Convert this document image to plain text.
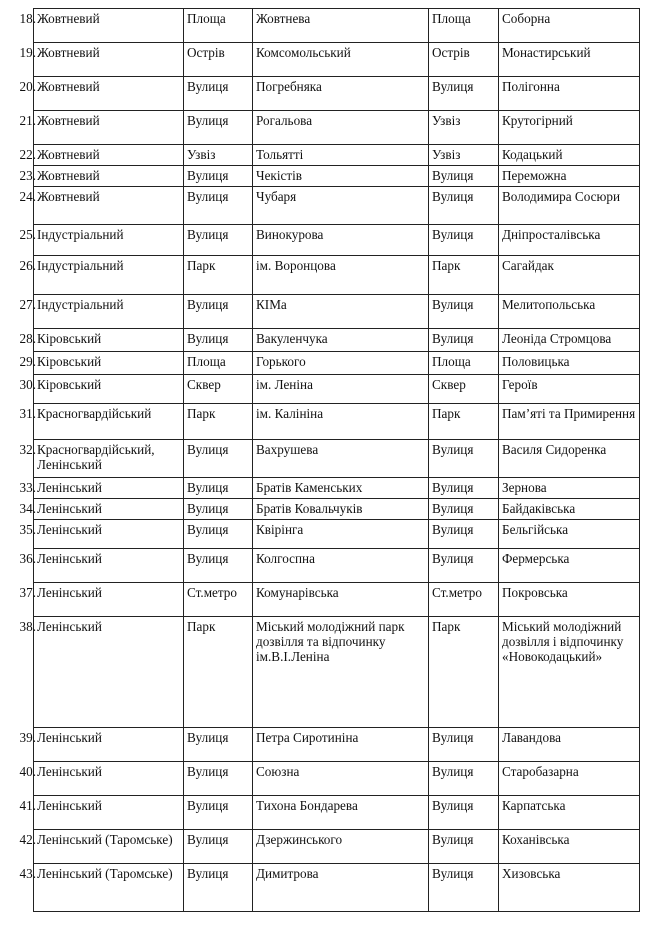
18. Жовтневий	Площа	Жовтнева	Площа	Соборна

19. Жовтневий	Острів	Комсомольський	Острів	Монастирський

20. Жовтневий	Вулиця	Погребняка	Вулиця	Полігонна

21. Жовтневий	Вулиця	Рогальова	Узвіз	Крутогірний

22. Жовтневий	Узвіз	Тольятті	Узвіз	Кодацький

23. Жовтневий	Вулиця	Чекістів	Вулиця	Переможна

24. Жовтневий	Вулиця	Чубаря	Вулиця	Володимира Сосюри

25. Індустріальний	Вулиця	Винокурова	Вулиця	Дніпросталівська

26. Індустріальний	Парк	ім. Воронцова	Парк	Сагайдак

27. Індустріальний	Вулиця	КІМа	Вулиця	Мелитопольська

28. Кіровський	Вулиця	Вакуленчука	Вулиця	Леоніда Стромцова

29. Кіровський	Площа	Горького	Площа	Половицька

30. Кіровський	Сквер	ім. Леніна	Сквер	Героїв

31. Красногвардійський	Парк	ім. Калініна	Парк	Пам’яті та Примирення

32. Красногвардійський, Ленінський	Вулиця	Вахрушева	Вулиця	Василя Сидоренка

33. Ленінський	Вулиця	Братів Каменських	Вулиця	Зернова

34. Ленінський	Вулиця	Братів Ковальчуків	Вулиця	Байдаківська

35. Ленінський	Вулиця	Квірінга	Вулиця	Бельгійська

36. Ленінський	Вулиця	Колгоспна	Вулиця	Фермерська

37. Ленінський	Ст.метро	Комунарівська	Ст.метро	Покровська

38. Ленінський	Парк	Міський молодіжний парк дозвілля та відпочинку ім.В.І.Леніна	Парк	Міський молодіжний дозвілля і відпочинку «Новокодацький»

39. Ленінський	Вулиця	Петра Сиротиніна	Вулиця	Лавандова

40. Ленінський	Вулиця	Союзна	Вулиця	Старобазарна

41. Ленінський	Вулиця	Тихона Бондарева	Вулиця	Карпатська

42. Ленінський (Таромське)	Вулиця	Дзержинського	Вулиця	Коханівська

43. Ленінський (Таромське)	Вулиця	Димитрова	Вулиця	Хизовська
